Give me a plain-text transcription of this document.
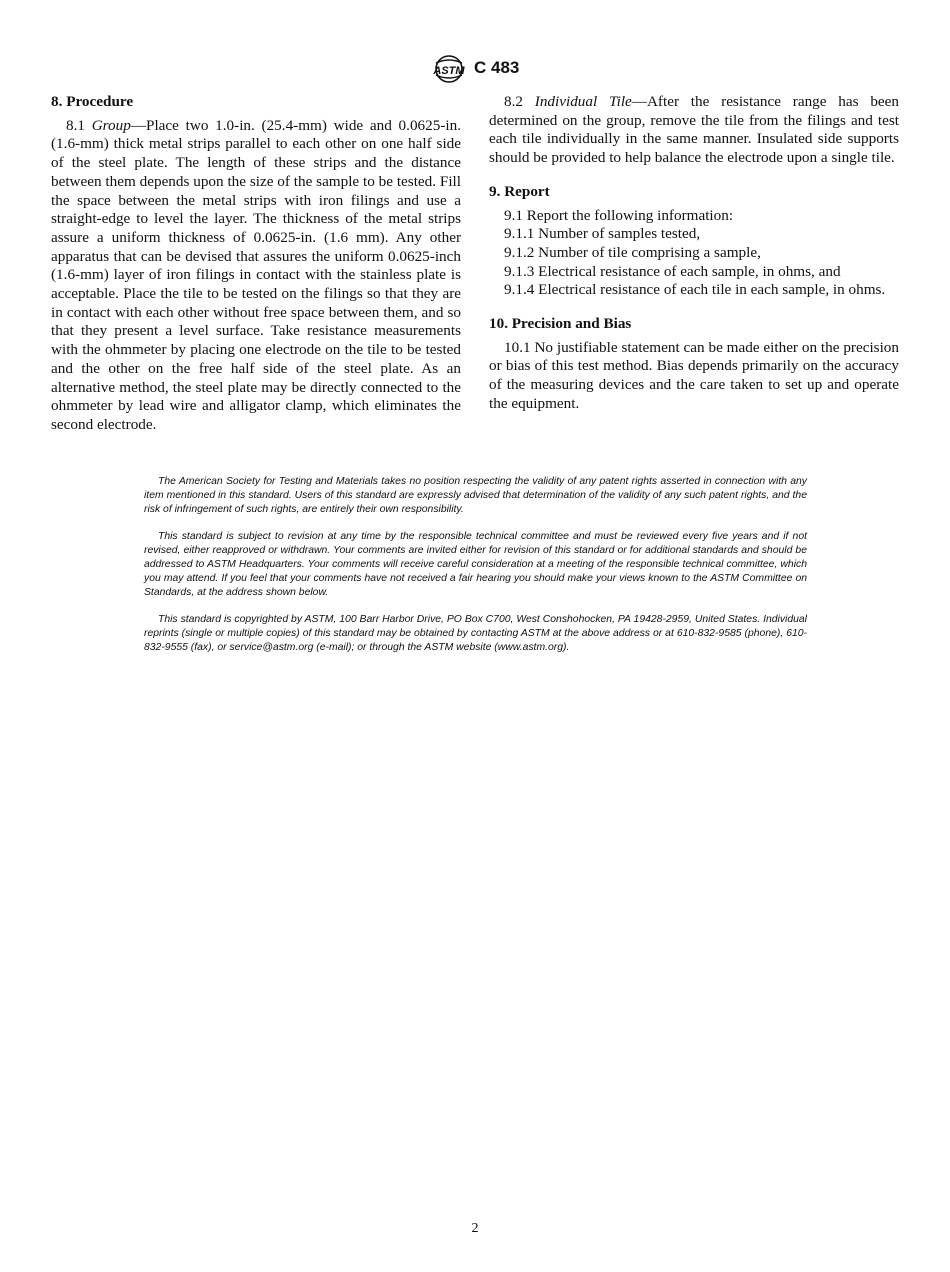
ASTM C 483
8. Procedure

8.1 Group—Place two 1.0-in. (25.4-mm) wide and 0.0625-in. (1.6-mm) thick metal strips parallel to each other on one half side of the steel plate. The length of these strips and the distance between them depends upon the size of the sample to be tested. Fill the space between the metal strips with iron filings and use a straight-edge to level the layer. The thickness of the metal strips assure a uniform thickness of 0.0625-in. (1.6 mm). Any other apparatus that can be devised that assures the uniform 0.0625-inch (1.6-mm) layer of iron filings in contact with the stainless plate is acceptable. Place the tile to be tested on the filings so that they are in contact with each other without free space between them, and so that they present a level surface. Take resistance measurements with the ohmmeter by placing one electrode on the tile to be tested and the other on the free half side of the steel plate. As an alternative method, the steel plate may be directly connected to the ohmmeter by lead wire and alligator clamp, which eliminates the second electrode.

8.2 Individual Tile—After the resistance range has been determined on the group, remove the tile from the filings and test each tile individually in the same manner. Insulated side supports should be provided to help balance the electrode upon a single tile.

9. Report

9.1 Report the following information:

9.1.1 Number of samples tested,

9.1.2 Number of tile comprising a sample,

9.1.3 Electrical resistance of each sample, in ohms, and

9.1.4 Electrical resistance of each tile in each sample, in ohms.

10. Precision and Bias

10.1 No justifiable statement can be made either on the precision or bias of this test method. Bias depends primarily on the accuracy of the measuring devices and the care taken to set up and operate the equipment.

The American Society for Testing and Materials takes no position respecting the validity of any patent rights asserted in connection with any item mentioned in this standard. Users of this standard are expressly advised that determination of the validity of any such patent rights, and the risk of infringement of such rights, are entirely their own responsibility.

This standard is subject to revision at any time by the responsible technical committee and must be reviewed every five years and if not revised, either reapproved or withdrawn. Your comments are invited either for revision of this standard or for additional standards and should be addressed to ASTM Headquarters. Your comments will receive careful consideration at a meeting of the responsible technical committee, which you may attend. If you feel that your comments have not received a fair hearing you should make your views known to the ASTM Committee on Standards, at the address shown below.

This standard is copyrighted by ASTM, 100 Barr Harbor Drive, PO Box C700, West Conshohocken, PA 19428-2959, United States. Individual reprints (single or multiple copies) of this standard may be obtained by contacting ASTM at the above address or at 610-832-9585 (phone), 610-832-9555 (fax), or service@astm.org (e-mail); or through the ASTM website (www.astm.org).

2
